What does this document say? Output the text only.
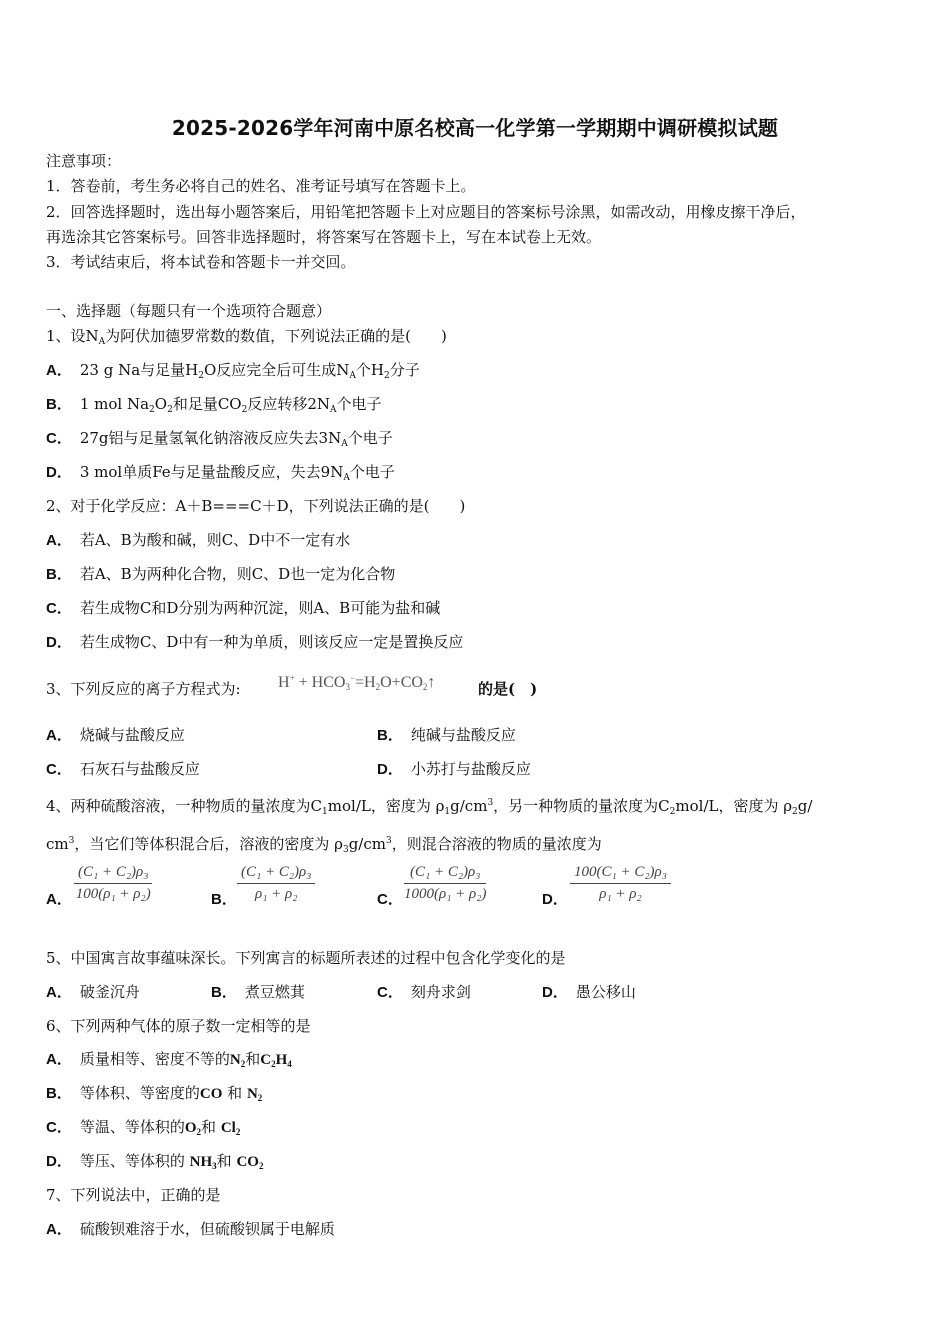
2025-2026学年河南中原名校高一化学第一学期期中调研模拟试题
注意事项：
1．答卷前，考生务必将自己的姓名、准考证号填写在答题卡上。
2．回答选择题时，选出每小题答案后，用铅笔把答题卡上对应题目的答案标号涂黑，如需改动，用橡皮擦干净后，
再选涂其它答案标号。回答非选择题时，将答案写在答题卡上，写在本试卷上无效。
3．考试结束后，将本试卷和答题卡一并交回。
一、选择题（每题只有一个选项符合题意）
1、设$N_A$为阿伏加德罗常数的数值，下列说法正确的是(　　)
A． 23 g Na与足量$H_2O$反应完全后可生成$N_A$个$H_2$分子
B． 1 mol $Na_2O_2$和足量$CO_2$反应转移$2N_A$个电子
C． 27g铝与足量氢氧化钠溶液反应失去$3N_A$个电子
D． 3 mol单质Fe与足量盐酸反应，失去$9N_A$个电子
2、对于化学反应：A＋B===C＋D，下列说法正确的是(　　)
A． 若A、B为酸和碱，则C、D中不一定有水
B． 若A、B为两种化合物，则C、D也一定为化合物
C． 若生成物C和D分别为两种沉淀，则A、B可能为盐和碱
D． 若生成物C、D中有一种为单质，则该反应一定是置换反应
3、下列反应的离子方程式为: $H^+ + HCO_3^-=H_2O+CO_2↑$	的是(　)
A． 烧碱与盐酸反应	B． 纯碱与盐酸反应
C． 石灰石与盐酸反应	D． 小苏打与盐酸反应
4、两种硫酸溶液，一种物质的量浓度为$C_1mol/L$，密度为 $\rho_1g/cm^3$，另一种物质的量浓度为$C_2mol/L$，密度为 $\rho_2g/$
$cm^3$，当它们等体积混合后，溶液的密度为 $\rho_3g/cm^3$，则混合溶液的物质的量浓度为
A． $\frac{\text{(C₁ + C₂)ρ₃}}{\text{100(ρ₁ + ρ₂)}}$	B． $\frac{\text{(C₁ + C₂)ρ₃}}{\text{ρ₁ + ρ₂}}$	C． $\frac{\text{(C₁ + C₂)ρ₃}}{\text{1000(ρ₁ + ρ₂)}}$	D． $\frac{\text{100(C₁ + C₂)ρ₃}}{\text{ρ₁ + ρ₂}}$
5、中国寓言故事蕴味深长。下列寓言的标题所表述的过程中包含化学变化的是
A． 破釜沉舟	B． 煮豆燃萁	C． 刻舟求剑	D． 愚公移山
6、下列两种气体的原子数一定相等的是
A． 质量相等、密度不等的$N_2$和$C_2H_4$
B． 等体积、等密度的CO 和 $N_2$
C． 等温、等体积的$O_2$和 $Cl_2$
D． 等压、等体积的 $NH_3$和 $CO_2$
7、下列说法中，正确的是
A． 硫酸钡难溶于水，但硫酸钡属于电解质
